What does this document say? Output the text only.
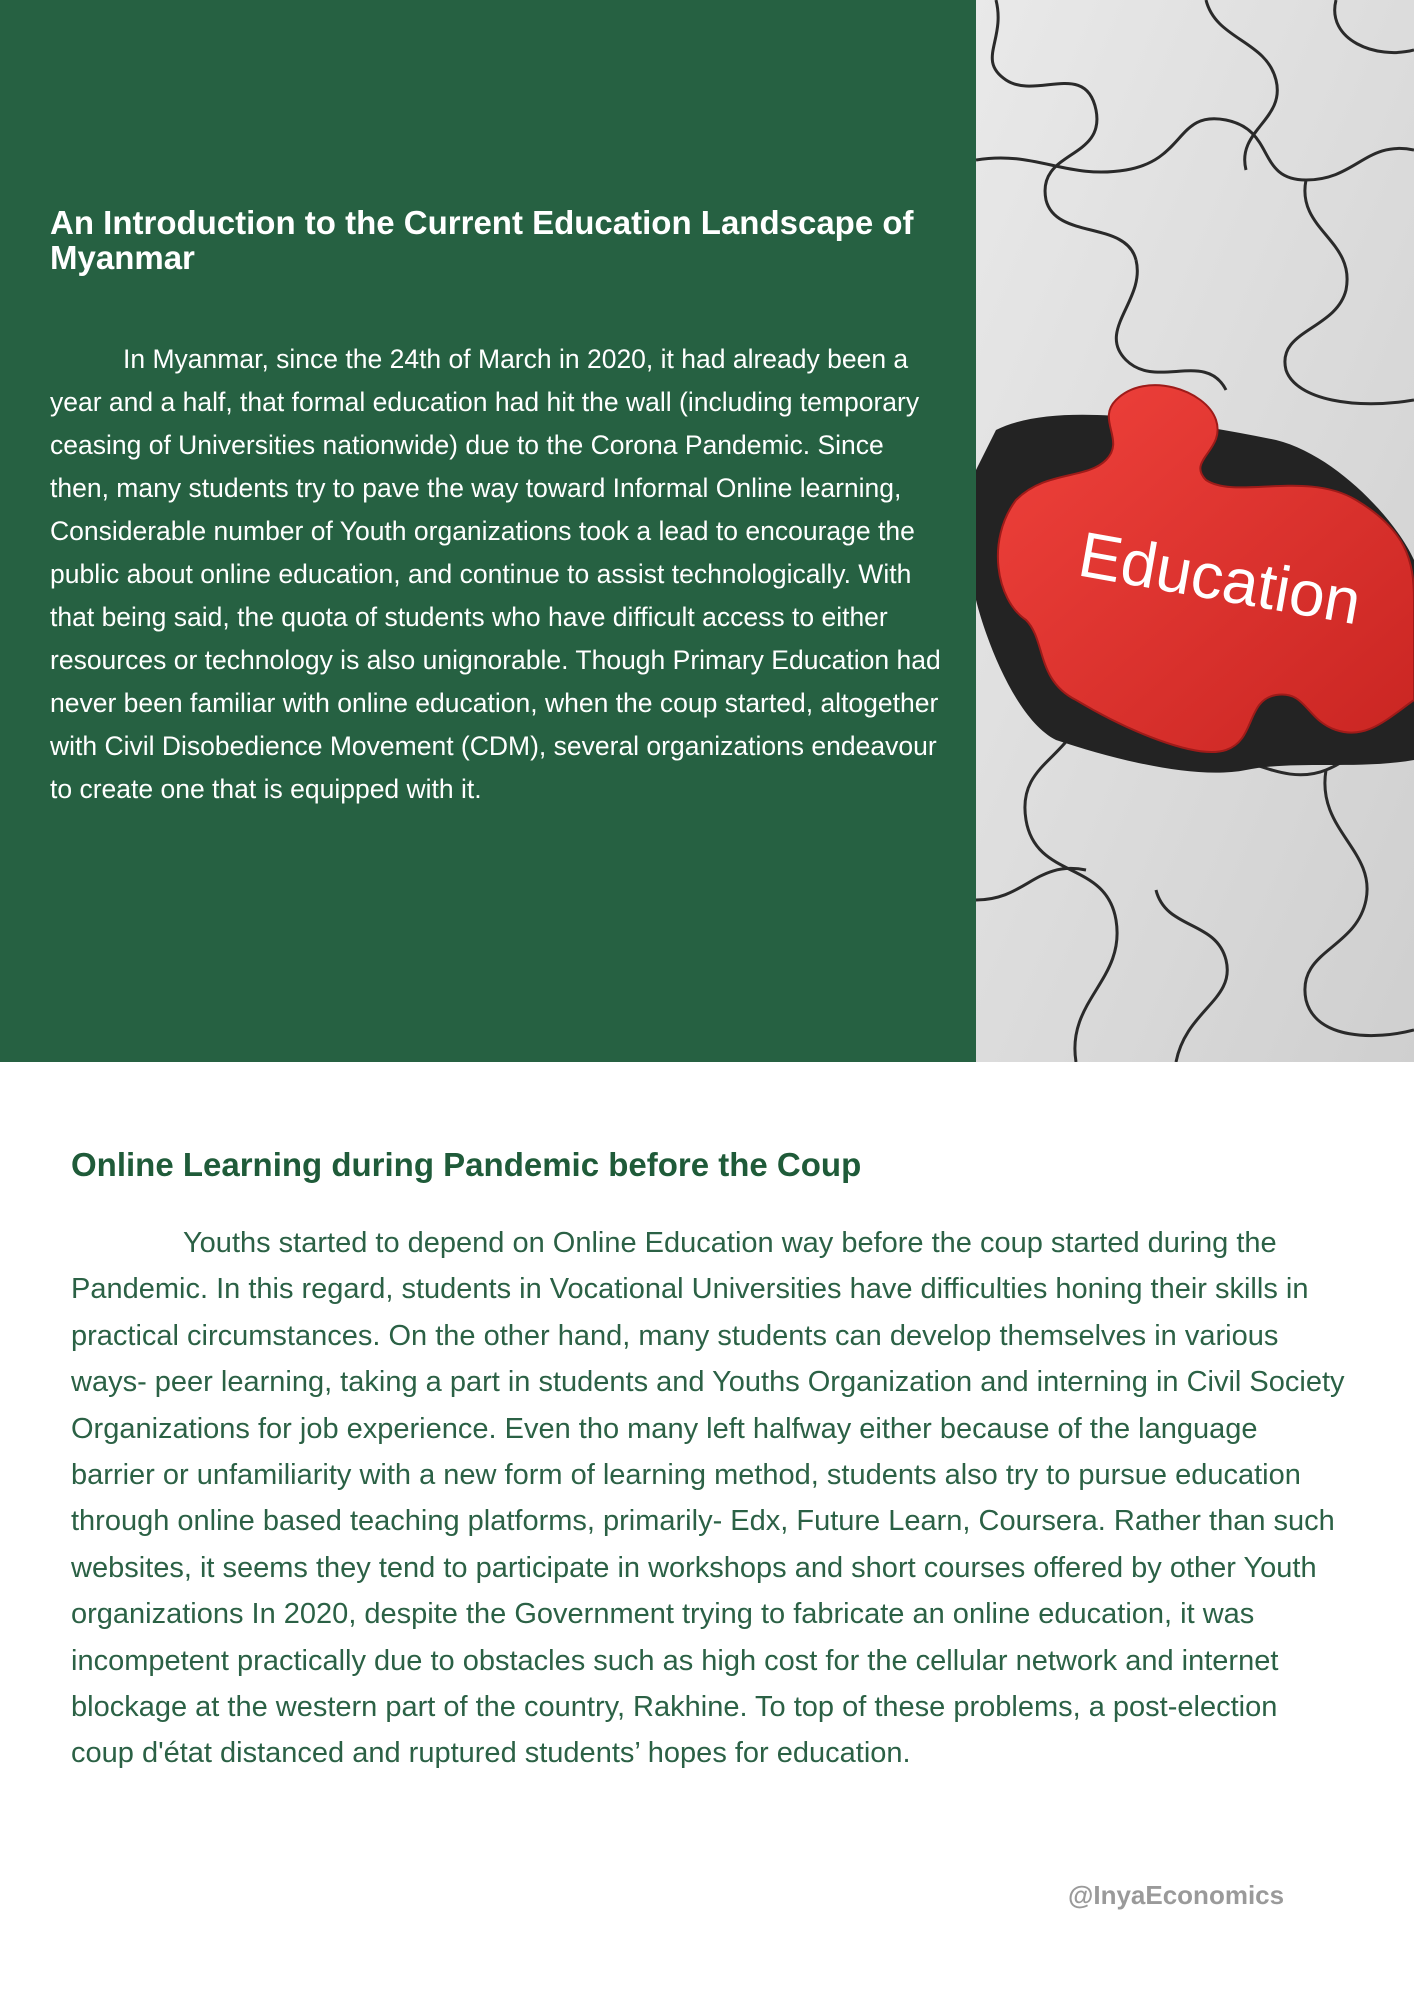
An Introduction to the Current Education Landscape of Myanmar

In Myanmar, since the 24th of March in 2020, it had already been a year and a half, that formal education had hit the wall (including temporary ceasing of Universities nationwide) due to the Corona Pandemic. Since then, many students try to pave the way toward Informal Online learning, Considerable number of Youth organizations took a lead to encourage the public about online education, and continue to assist technologically. With that being said, the quota of students who have difficult access to either resources or technology is also unignorable. Though Primary Education had never been familiar with online education, when the coup started, altogether with Civil Disobedience Movement (CDM), several organizations endeavour to create one that is equipped with it.

Education
Online Learning during Pandemic before the Coup

Youths started to depend on Online Education way before the coup started during the Pandemic. In this regard, students in Vocational Universities have difficulties honing their skills in practical circumstances. On the other hand, many students can develop themselves in various ways- peer learning, taking a part in students and Youths Organization and interning in Civil Society Organizations for job experience. Even tho many left halfway either because of the language barrier or unfamiliarity with a new form of learning method, students also try to pursue education through online based teaching platforms, primarily- Edx, Future Learn, Coursera. Rather than such websites, it seems they tend to participate in workshops and short courses offered by other Youth organizations In 2020, despite the Government trying to fabricate an online education, it was incompetent practically due to obstacles such as high cost for the cellular network and internet blockage at the western part of the country, Rakhine. To top of these problems, a post-election coup d'état distanced and ruptured students’ hopes for education.

@InyaEconomics
